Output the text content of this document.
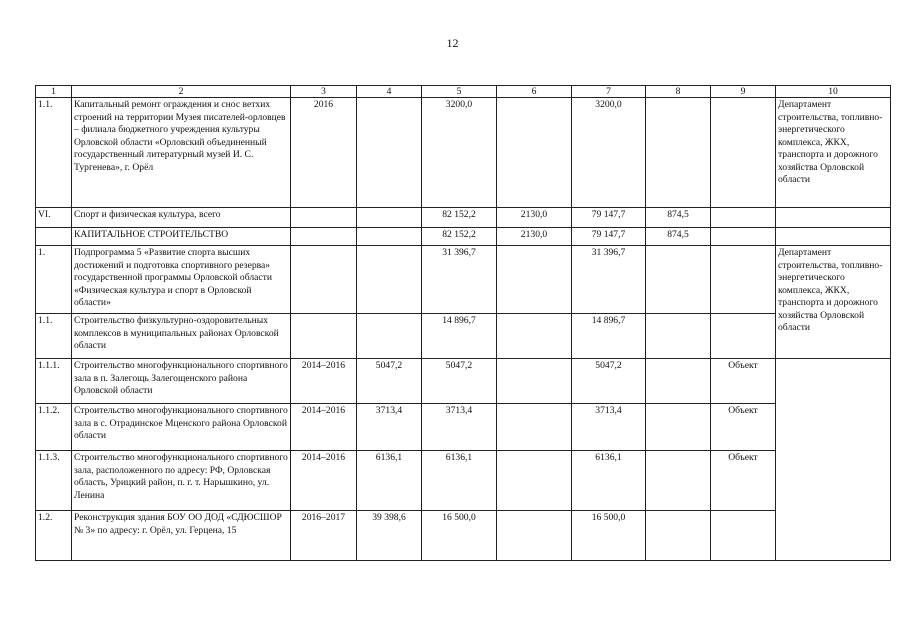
12
1	2	3	4	5	6	7	8	9	10
1.1.	Капитальный ремонт ограждения и снос ветхих строений на территории Музея писателей-орловцев – филиала бюджетного учреждения культуры Орловской области «Орловский объединенный государственный литературный музей И. С. Тургенева», г. Орёл	2016		3200,0		3200,0			Департамент строительства, топливно-энергетического комплекса, ЖКХ, транспорта и дорожного хозяйства Орловской области
VI.	Спорт и физическая культура, всего			82 152,2	2130,0	79 147,7	874,5		
	КАПИТАЛЬНОЕ СТРОИТЕЛЬСТВО			82 152,2	2130,0	79 147,7	874,5		
1.	Подпрограмма 5 «Развитие спорта высших достижений и подготовка спортивного резерва» государственной программы Орловской области «Физическая культура и спорт в Орловской области»			31 396,7		31 396,7			Департамент строительства, топливно-энергетического комплекса, ЖКХ, транспорта и дорожного хозяйства Орловской области
1.1.	Строительство физкультурно-оздоровительных комплексов в муниципальных районах Орловской области			14 896,7		14 896,7			
1.1.1.	Строительство многофункционального спортивного зала в п. Залегощь Залегощенского района Орловской области	2014–2016	5047,2	5047,2		5047,2		Объект	
1.1.2.	Строительство многофункционального спортивного зала в с. Отрадинское Мценского района Орловской области	2014–2016	3713,4	3713,4		3713,4		Объект	
1.1.3.	Строительство многофункционального спортивного зала, расположенного по адресу: РФ, Орловская область, Урицкий район, п. г. т. Нарышкино, ул. Ленина	2014–2016	6136,1	6136,1		6136,1		Объект	
1.2.	Реконструкция здания БОУ ОО ДОД «СДЮСШОР № 3» по адресу: г. Орёл, ул. Герцена, 15	2016–2017	39 398,6	16 500,0		16 500,0			
